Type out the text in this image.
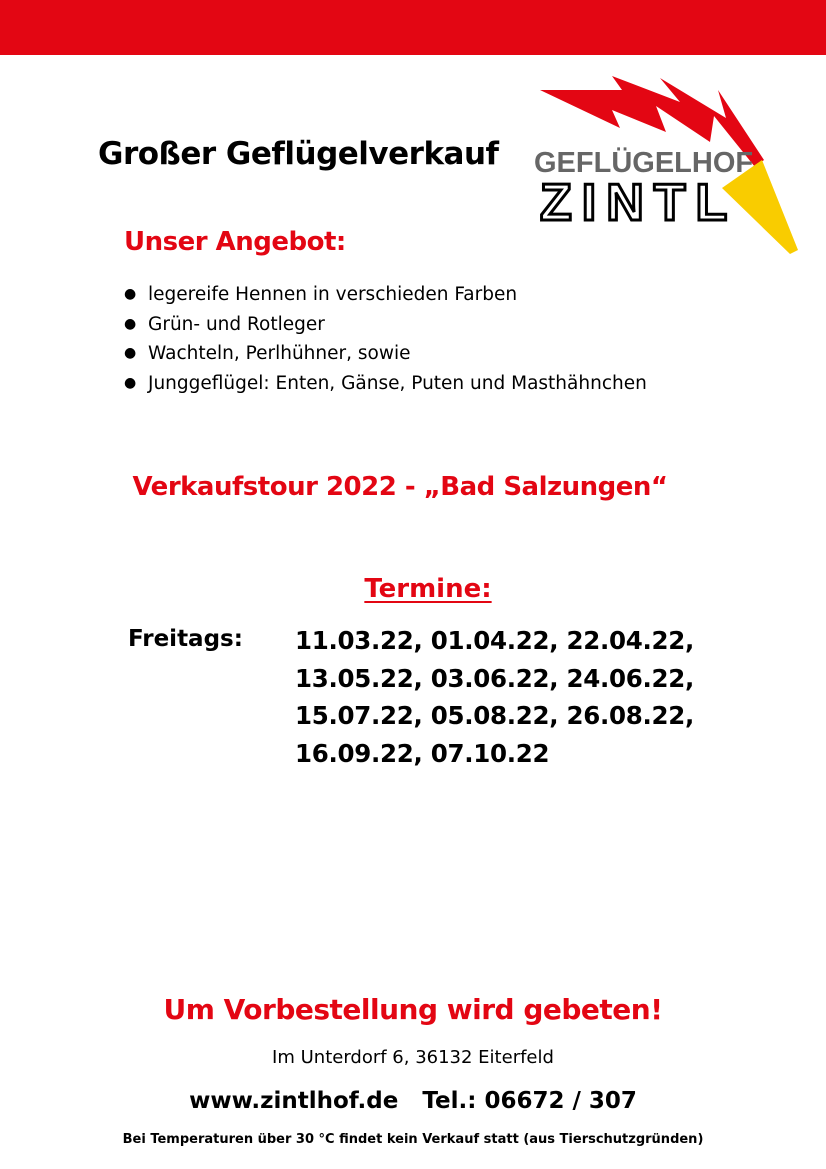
Großer Geflügelverkauf GEFLÜGELHOF
ZINTL
Unser Angebot:
● legereife Hennen in verschieden Farben
● Grün- und Rotleger
● Wachteln, Perlhühner, sowie
● Junggeflügel: Enten, Gänse, Puten und Masthähnchen
Verkaufstour 2022 - „Bad Salzungen“
Termine:
Freitags: 11.03.22, 01.04.22, 22.04.22,
13.05.22, 03.06.22, 24.06.22,
15.07.22, 05.08.22, 26.08.22,
16.09.22, 07.10.22
Um Vorbestellung wird gebeten!
Im Unterdorf 6, 36132 Eiterfeld
www.zintlhof.de Tel.: 06672 / 307
Bei Temperaturen über 30 °C findet kein Verkauf statt (aus Tierschutzgründen)
